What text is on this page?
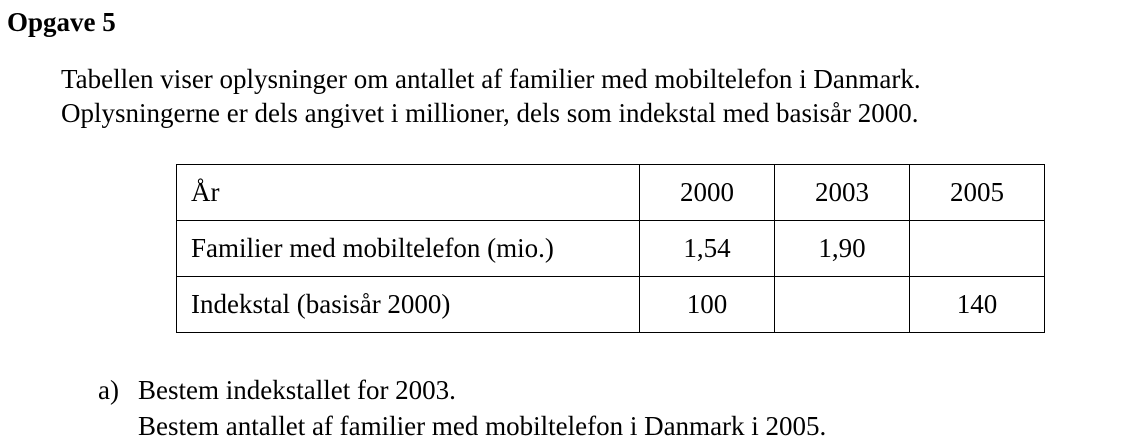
Opgave 5

Tabellen viser oplysninger om antallet af familier med mobiltelefon i Danmark.

Oplysningerne er dels angivet i millioner, dels som indekstal med basisår 2000.

År	2000	2003	2005
Familier med mobiltelefon (mio.)	1,54	1,90	
Indekstal (basisår 2000)	100		140
a) Bestem indekstallet for 2003.

Bestem antallet af familier med mobiltelefon i Danmark i 2005.
